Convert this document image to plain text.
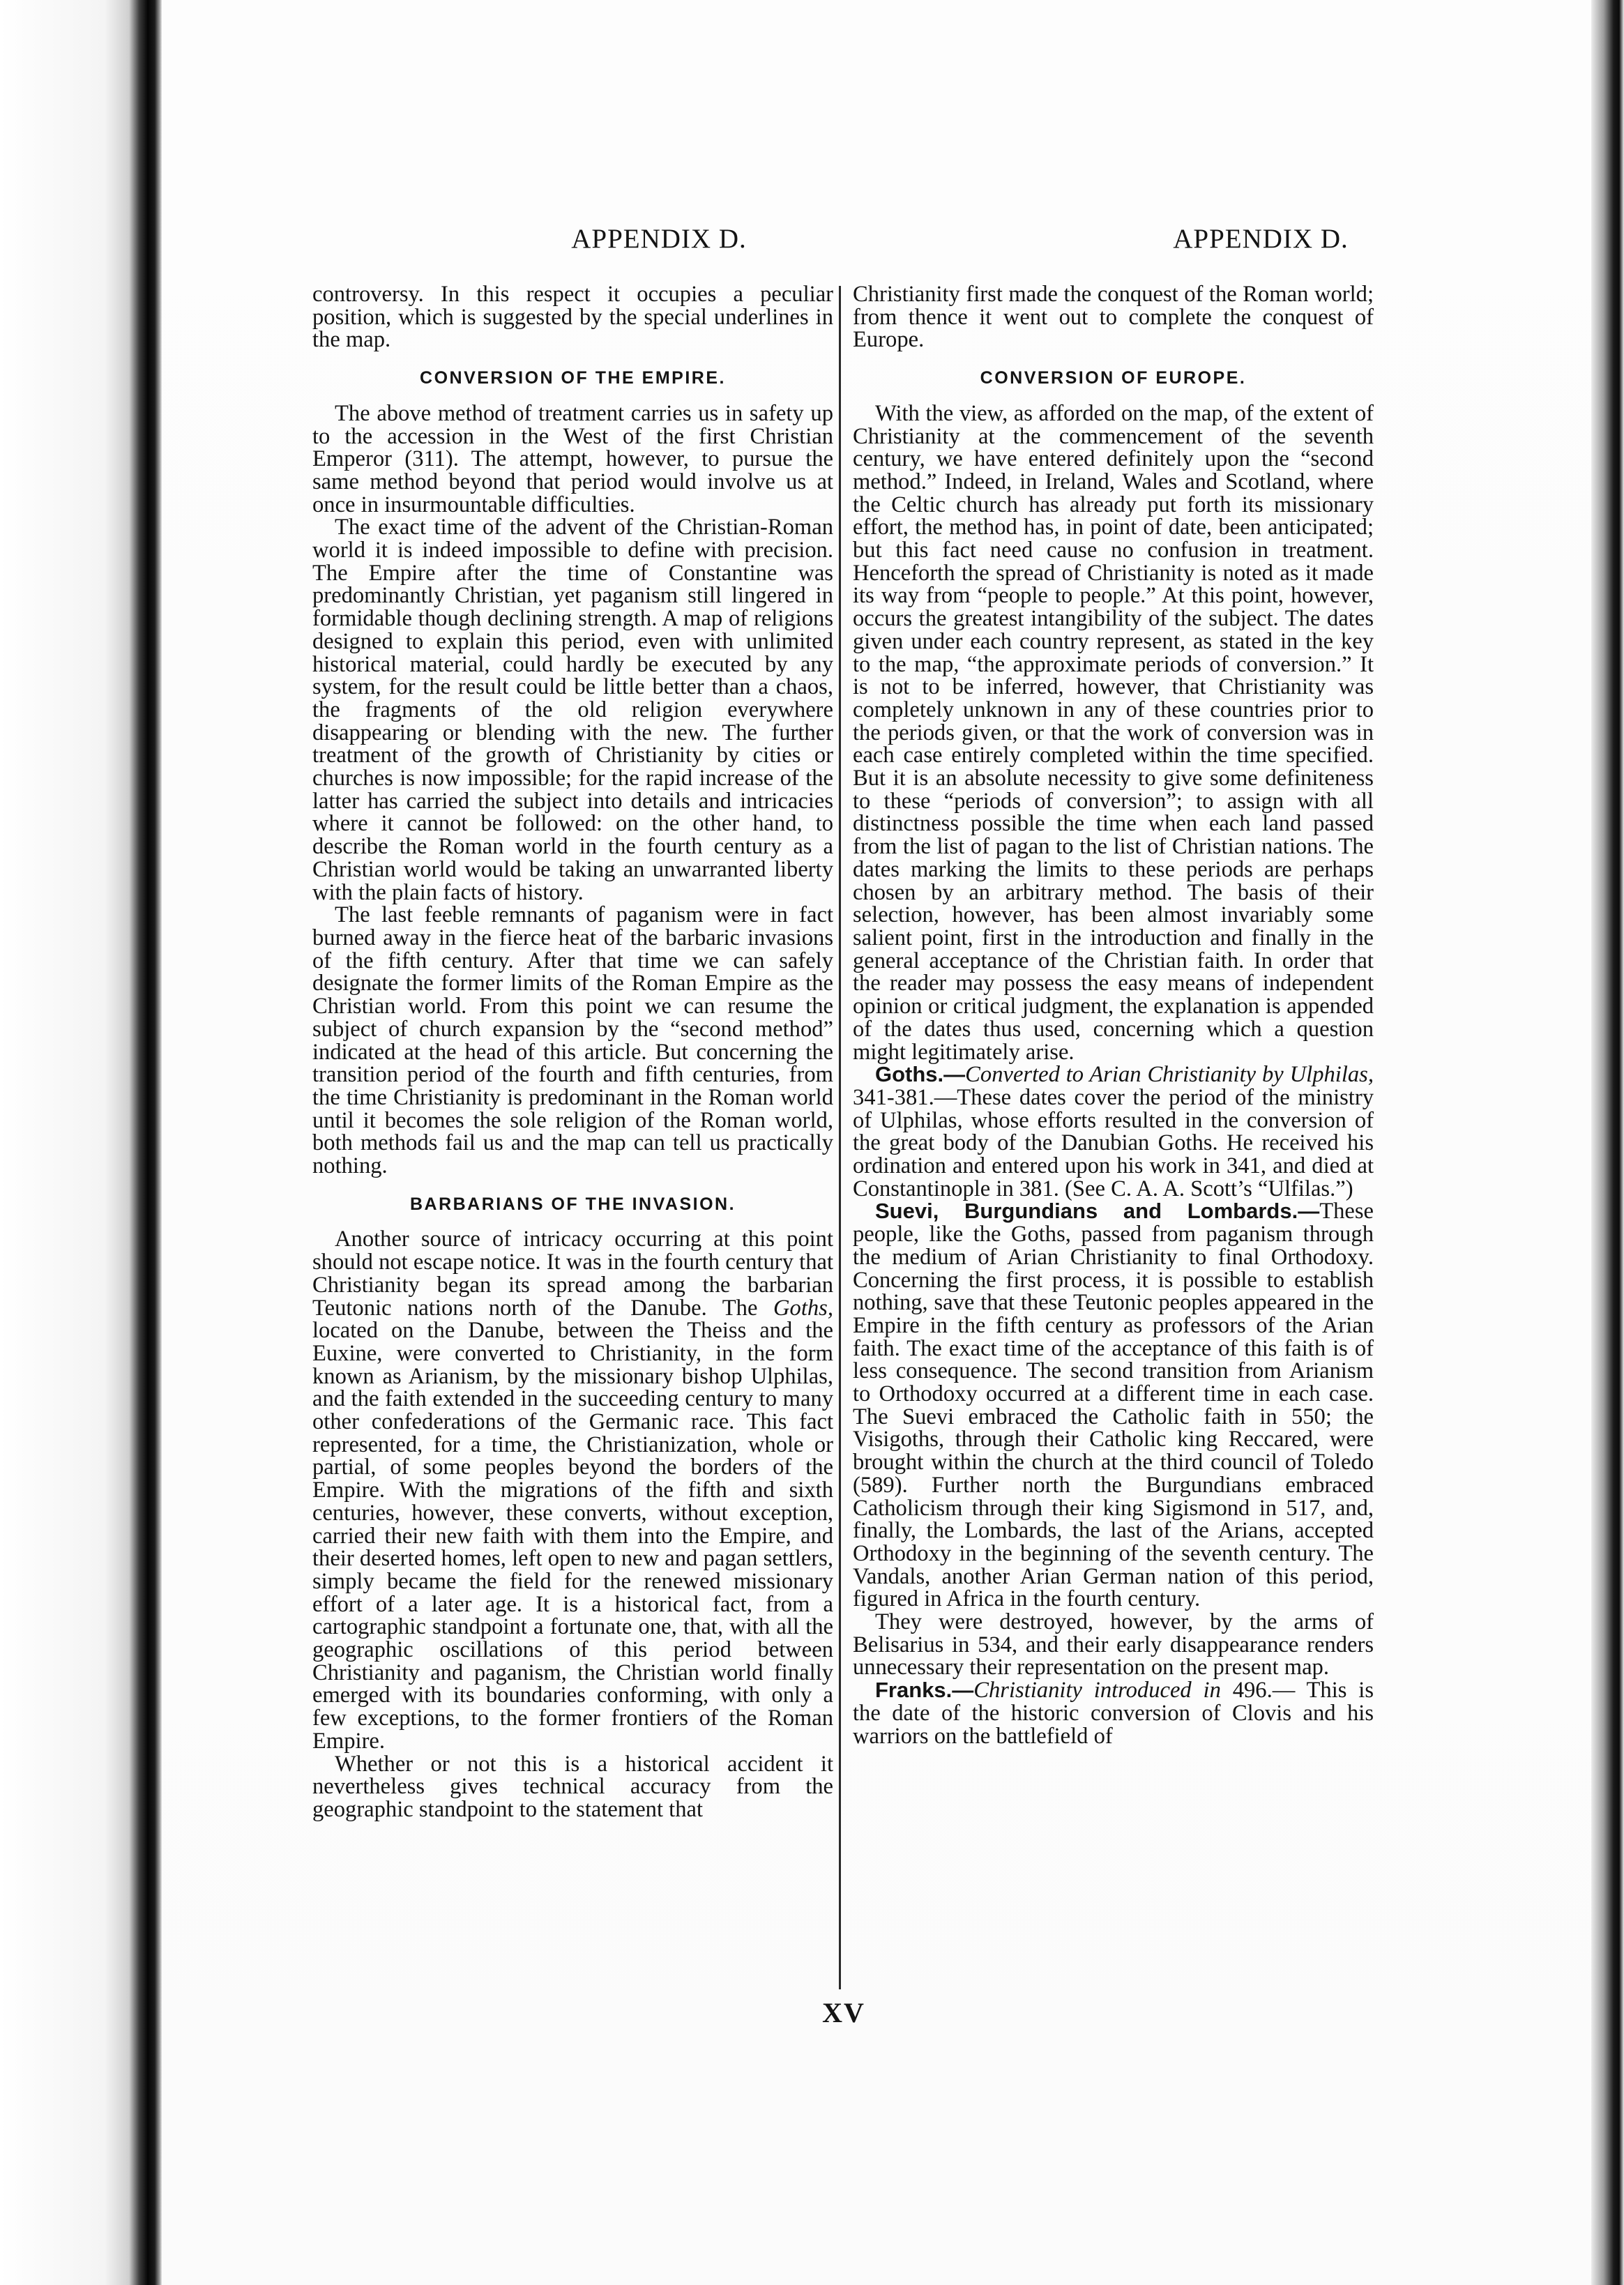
APPENDIX D.	APPENDIX D.

controversy. In this respect it occupies a peculiar position, which is suggested by the special underlines in the map.

CONVERSION OF THE EMPIRE.

The above method of treatment carries us in safety up to the accession in the West of the first Christian Emperor (311). The attempt, however, to pursue the same method beyond that period would involve us at once in insurmountable difficulties.

The exact time of the advent of the Christian-Roman world it is indeed impossible to define with precision. The Empire after the time of Constantine was predominantly Christian, yet paganism still lingered in formidable though declining strength. A map of religions designed to explain this period, even with unlimited historical material, could hardly be executed by any system, for the result could be little better than a chaos, the fragments of the old religion everywhere disappearing or blending with the new. The further treatment of the growth of Christianity by cities or churches is now impossible; for the rapid increase of the latter has carried the subject into details and intricacies where it cannot be followed: on the other hand, to describe the Roman world in the fourth century as a Christian world would be taking an unwarranted liberty with the plain facts of history.

The last feeble remnants of paganism were in fact burned away in the fierce heat of the barbaric invasions of the fifth century. After that time we can safely designate the former limits of the Roman Empire as the Christian world. From this point we can resume the subject of church expansion by the “second method” indicated at the head of this article. But concerning the transition period of the fourth and fifth centuries, from the time Christianity is predominant in the Roman world until it becomes the sole religion of the Roman world, both methods fail us and the map can tell us practically nothing.

BARBARIANS OF THE INVASION.

Another source of intricacy occurring at this point should not escape notice. It was in the fourth century that Christianity began its spread among the barbarian Teutonic nations north of the Danube. The Goths, located on the Danube, between the Theiss and the Euxine, were converted to Christianity, in the form known as Arianism, by the missionary bishop Ulphilas, and the faith extended in the succeeding century to many other confederations of the Germanic race. This fact represented, for a time, the Christianization, whole or partial, of some peoples beyond the borders of the Empire. With the migrations of the fifth and sixth centuries, however, these converts, without exception, carried their new faith with them into the Empire, and their deserted homes, left open to new and pagan settlers, simply became the field for the renewed missionary effort of a later age. It is a historical fact, from a cartographic standpoint a fortunate one, that, with all the geographic oscillations of this period between Christianity and paganism, the Christian world finally emerged with its boundaries conforming, with only a few exceptions, to the former frontiers of the Roman Empire.

Whether or not this is a historical accident it nevertheless gives technical accuracy from the geographic standpoint to the statement that

Christianity first made the conquest of the Roman world; from thence it went out to complete the conquest of Europe.

CONVERSION OF EUROPE.

With the view, as afforded on the map, of the extent of Christianity at the commencement of the seventh century, we have entered definitely upon the “second method.” Indeed, in Ireland, Wales and Scotland, where the Celtic church has already put forth its missionary effort, the method has, in point of date, been anticipated; but this fact need cause no confusion in treatment. Henceforth the spread of Christianity is noted as it made its way from “people to people.” At this point, however, occurs the greatest intangibility of the subject. The dates given under each country represent, as stated in the key to the map, “the approximate periods of conversion.” It is not to be inferred, however, that Christianity was completely unknown in any of these countries prior to the periods given, or that the work of conversion was in each case entirely completed within the time specified. But it is an absolute necessity to give some definiteness to these “periods of conversion”; to assign with all distinctness possible the time when each land passed from the list of pagan to the list of Christian nations. The dates marking the limits to these periods are perhaps chosen by an arbitrary method. The basis of their selection, however, has been almost invariably some salient point, first in the introduction and finally in the general acceptance of the Christian faith. In order that the reader may possess the easy means of independent opinion or critical judgment, the explanation is appended of the dates thus used, concerning which a question might legitimately arise.

Goths.—Converted to Arian Christianity by Ulphilas, 341-381.—These dates cover the period of the ministry of Ulphilas, whose efforts resulted in the conversion of the great body of the Danubian Goths. He received his ordination and entered upon his work in 341, and died at Constantinople in 381. (See C. A. A. Scott’s “Ulfilas.”)

Suevi, Burgundians and Lombards.—These people, like the Goths, passed from paganism through the medium of Arian Christianity to final Orthodoxy. Concerning the first process, it is possible to establish nothing, save that these Teutonic peoples appeared in the Empire in the fifth century as professors of the Arian faith. The exact time of the acceptance of this faith is of less consequence. The second transition from Arianism to Orthodoxy occurred at a different time in each case. The Suevi embraced the Catholic faith in 550; the Visigoths, through their Catholic king Reccared, were brought within the church at the third council of Toledo (589). Further north the Burgundians embraced Catholicism through their king Sigismond in 517, and, finally, the Lombards, the last of the Arians, accepted Orthodoxy in the beginning of the seventh century. The Vandals, another Arian German nation of this period, figured in Africa in the fourth century.

They were destroyed, however, by the arms of Belisarius in 534, and their early disappearance renders unnecessary their representation on the present map.

Franks.—Christianity introduced in 496.— This is the date of the historic conversion of Clovis and his warriors on the battlefield of

XV
